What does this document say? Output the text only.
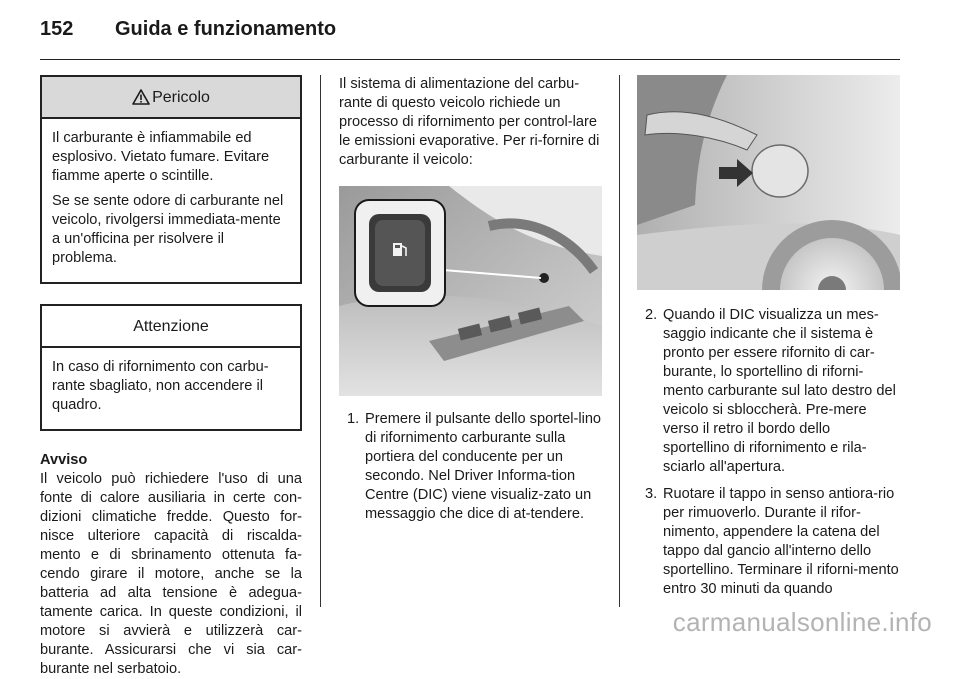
152 Guida e funzionamento
Pericolo

Il carburante è infiammabile ed esplosivo. Vietato fumare. Evitare fiamme aperte o scintille.

Se se sente odore di carburante nel veicolo, rivolgersi immediata-mente a un'officina per risolvere il problema.

Attenzione

In caso di rifornimento con carbu-rante sbagliato, non accendere il quadro.

Avviso

Il veicolo può richiedere l'uso di una fonte di calore ausiliaria in certe con-dizioni climatiche fredde. Questo for-nisce ulteriore capacità di riscalda-mento e di sbrinamento ottenuta fa-cendo girare il motore, anche se la batteria ad alta tensione è adegua-tamente carica. In queste condizioni, il motore si avvierà e utilizzerà car-burante. Assicurarsi che vi sia car-burante nel serbatoio.

Il sistema di alimentazione del carbu-rante di questo veicolo richiede un processo di rifornimento per control-lare le emissioni evaporative. Per ri-fornire di carburante il veicolo:

1. Premere il pulsante dello sportel-lino di rifornimento carburante sulla portiera del conducente per un secondo. Nel Driver Informa-tion Centre (DIC) viene visualiz-zato un messaggio che dice di at-tendere.
2. Quando il DIC visualizza un mes-saggio indicante che il sistema è pronto per essere rifornito di car-burante, lo sportellino di riforni-mento carburante sul lato destro del veicolo si sbloccherà. Pre-mere verso il retro il bordo dello sportellino di rifornimento e rila-sciarlo all'apertura.
3. Ruotare il tappo in senso antiora-rio per rimuoverlo. Durante il rifor-nimento, appendere la catena del tappo dal gancio all'interno dello sportellino. Terminare il riforni-mento entro 30 minuti da quando
carmanualsonline.info
